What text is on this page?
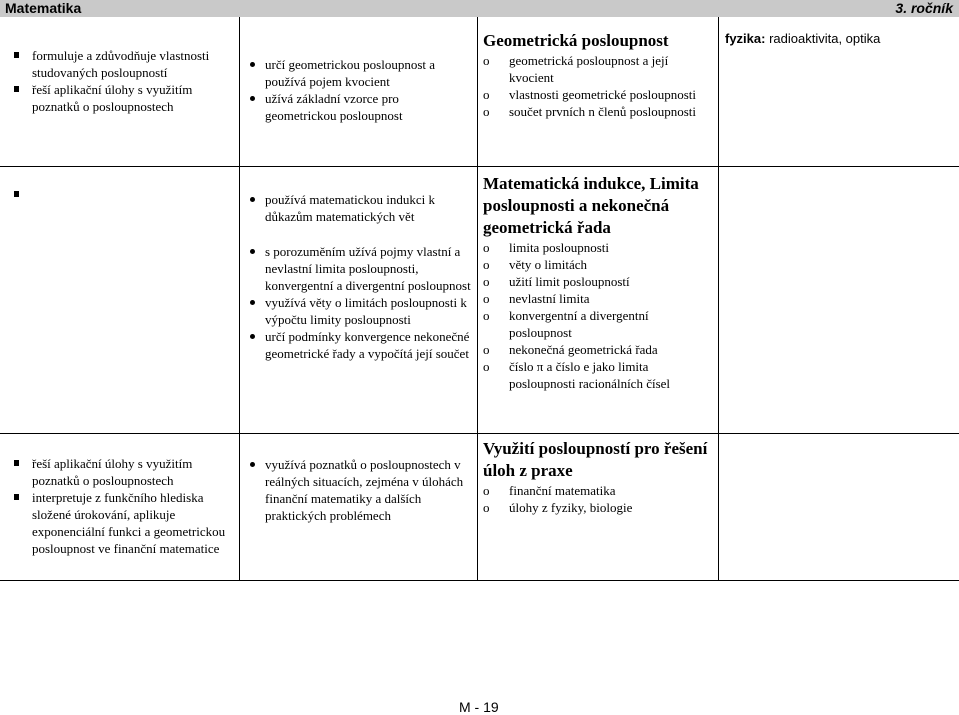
Matematika	3. ročník
formuluje a zdůvodňuje vlastnosti studovaných posloupností
řeší aplikační úlohy s využitím poznatků o posloupnostech
určí geometrickou posloupnost a používá pojem kvocient
užívá základní vzorce pro geometrickou posloupnost
Geometrická posloupnost
o geometrická posloupnost a její kvocient
o vlastnosti geometrické posloupnosti
o součet prvních n členů posloupnosti
fyzika: radioaktivita, optika

používá matematickou indukci k důkazům matematických vět
s porozuměním užívá pojmy vlastní a nevlastní limita posloupnosti, konvergentní a divergentní posloupnost
využívá věty o limitách posloupnosti k výpočtu limity posloupnosti
určí podmínky konvergence nekonečné geometrické řady a vypočítá její součet
Matematická indukce, Limita posloupnosti a nekonečná geometrická řada
o limita posloupnosti
o věty o limitách
o užití limit posloupností
o nevlastní limita
o konvergentní a divergentní posloupnost
o nekonečná geometrická řada
o číslo π a číslo e jako limita posloupnosti racionálních čísel
řeší aplikační úlohy s využitím poznatků o posloupnostech
interpretuje z funkčního hlediska složené úrokování, aplikuje exponenciální funkci a geometrickou posloupnost ve finanční matematice
využívá poznatků o posloupnostech v reálných situacích, zejména v úlohách finanční matematiky a dalších praktických problémech
Využití posloupností pro řešení úloh z praxe
o finanční matematika
o úlohy z fyziky, biologie
M - 19
